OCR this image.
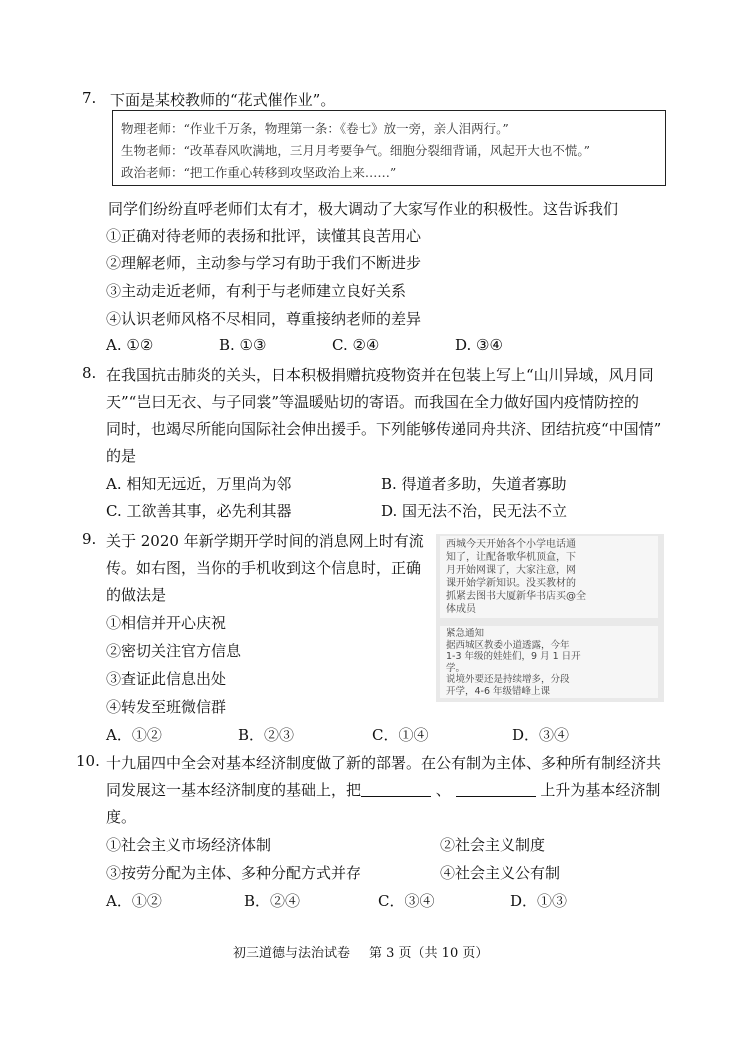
7. 下面是某校教师的“花式催作业”。
物理老师：“作业千万条，物理第一条：《卷七》放一旁，亲人泪两行。”
生物老师：“改革春风吹满地，三月月考要争气。细胞分裂细背诵，风起开大也不慌。”
政治老师：“把工作重心转移到攻坚政治上来……”
同学们纷纷直呼老师们太有才，极大调动了大家写作业的积极性。这告诉我们
①正确对待老师的表扬和批评，读懂其良苦用心
②理解老师，主动参与学习有助于我们不断进步
③主动走近老师，有利于与老师建立良好关系
④认识老师风格不尽相同，尊重接纳老师的差异
A. ①②	B. ①③	C. ②④	D. ③④
8. 在我国抗击肺炎的关头，日本积极捐赠抗疫物资并在包装上写上“山川异域，风月同
天”“岂曰无衣、与子同裳”等温暖贴切的寄语。而我国在全力做好国内疫情防控的
同时，也竭尽所能向国际社会伸出援手。下列能够传递同舟共济、团结抗疫“中国情”
的是
A. 相知无远近，万里尚为邻	B. 得道者多助，失道者寡助
C. 工欲善其事，必先利其器	D. 国无法不治，民无法不立
9. 关于 2020 年新学期开学时间的消息网上时有流
传。如右图，当你的手机收到这个信息时，正确
的做法是
①相信并开心庆祝
②密切关注官方信息
③查证此信息出处
④转发至班微信群
A．①②	B．②③	C．①④	D．③④
西城今天开始各个小学电话通
知了，让配备歌华机顶盒，下
月开始网课了，大家注意，网
课开始学新知识。没买教材的
抓紧去图书大厦新华书店买@全
体成员
紧急通知
据西城区教委小道透露，今年
1-3 年级的娃娃们，9 月 1 日开
学。
说境外要还是持续增多，分段
开学，4-6 年级错峰上课
10. 十九届四中全会对基本经济制度做了新的部署。在公有制为主体、多种所有制经济共
同发展这一基本经济制度的基础上，把	、	上升为基本经济制
度。
①社会主义市场经济体制	②社会主义制度
③按劳分配为主体、多种分配方式并存	④社会主义公有制
A．①②	B．②④	C．③④	D．①③
初三道德与法治试卷 第 3 页（共 10 页）
